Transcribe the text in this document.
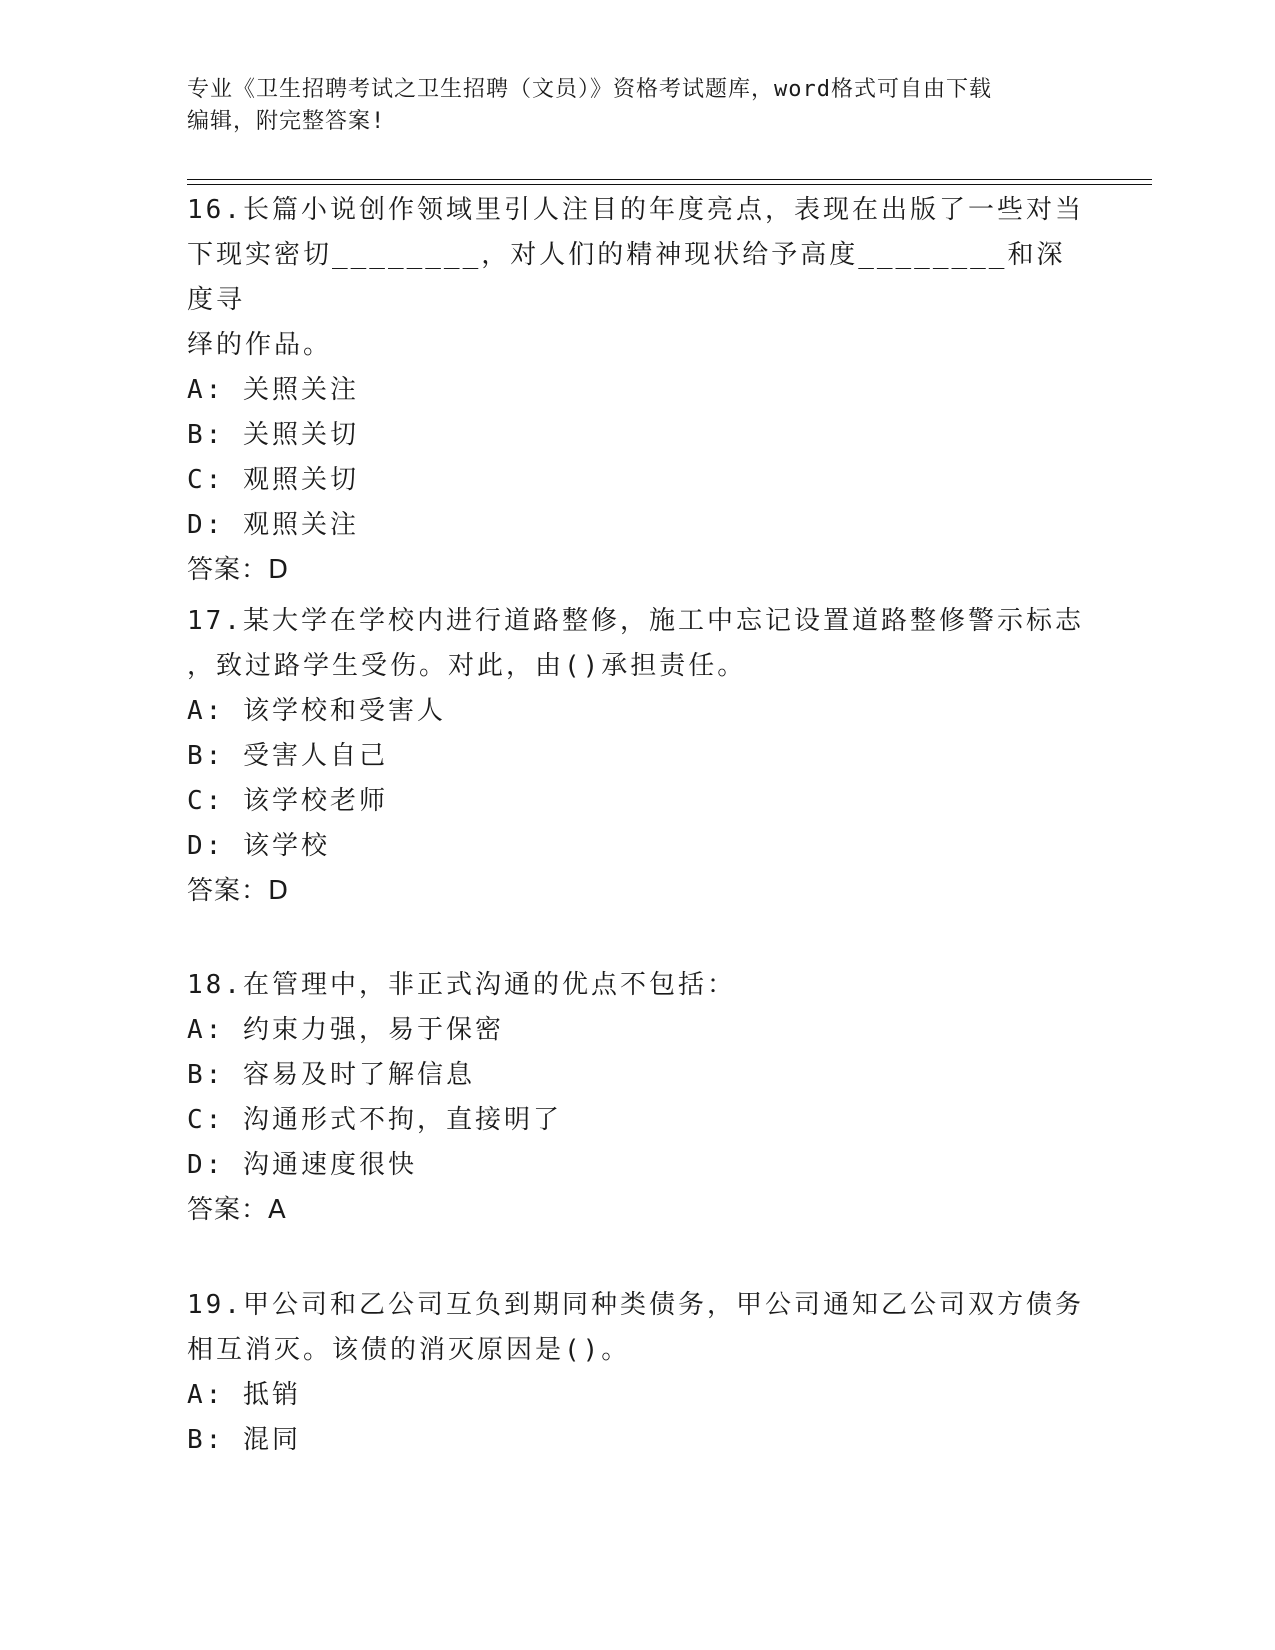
专业《卫生招聘考试之卫生招聘（文员）》资格考试题库，word格式可自由下载
编辑，附完整答案!
16.长篇小说创作领域里引人注目的年度亮点，表现在出版了一些对当
下现实密切________，对人们的精神现状给予高度________和深度寻
绎的作品。
A: 关照关注
B: 关照关切
C: 观照关切
D: 观照关注
答案：D
17.某大学在学校内进行道路整修，施工中忘记设置道路整修警示标志
，致过路学生受伤。对此，由()承担责任。
A: 该学校和受害人
B: 受害人自己
C: 该学校老师
D: 该学校
答案：D
18.在管理中，非正式沟通的优点不包括：
A: 约束力强，易于保密
B: 容易及时了解信息
C: 沟通形式不拘，直接明了
D: 沟通速度很快
答案：A
19.甲公司和乙公司互负到期同种类债务，甲公司通知乙公司双方债务
相互消灭。该债的消灭原因是()。
A: 抵销
B: 混同
